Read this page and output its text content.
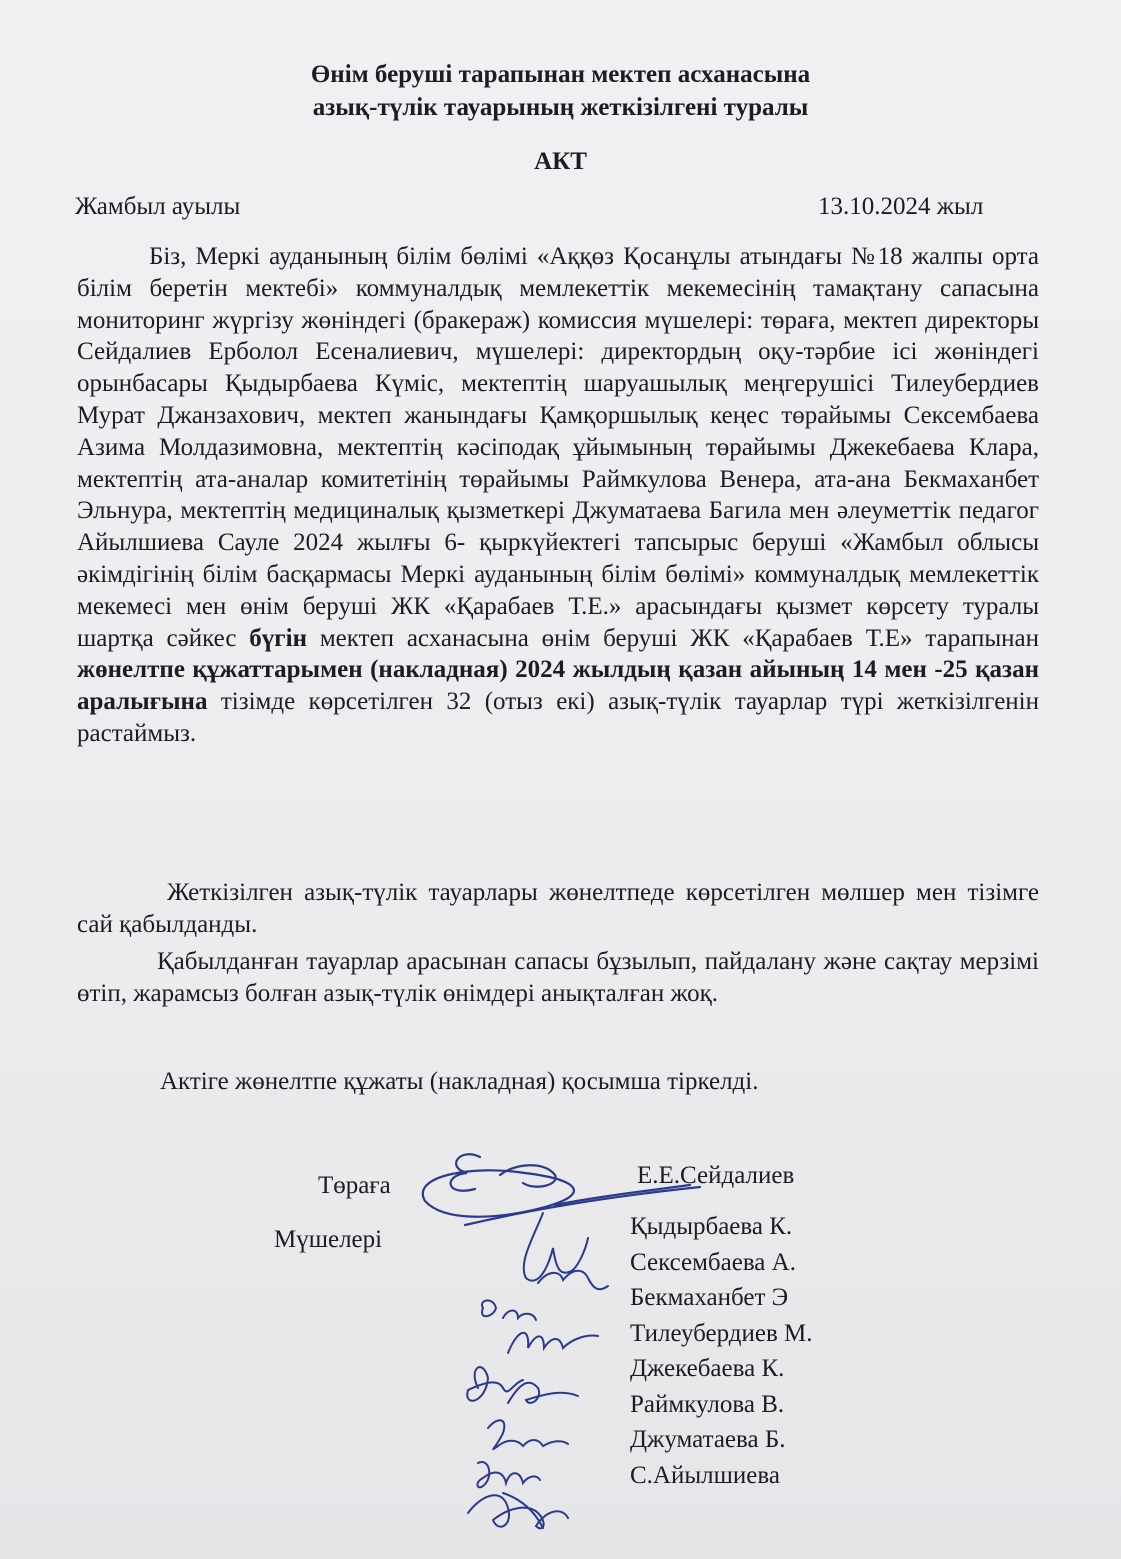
Өнім беруші тарапынан мектеп асханасына
азық-түлік тауарының жеткізілгені туралы
АКТ
Жамбыл ауылы	13.10.2024 жыл
Біз, Меркі ауданының білім бөлімі «Аққөз Қосанұлы атындағы №18 жалпы орта білім беретін мектебі» коммуналдық мемлекеттік мекемесінің тамақтану сапасына мониторинг жүргізу жөніндегі (бракераж) комиссия мүшелері: төраға, мектеп директоры Сейдалиев Ерболол Есеналиевич, мүшелері: директордың оқу-тәрбие ісі жөніндегі орынбасары Қыдырбаева Күміс, мектептің шаруашылық меңгерушісі Тилеубердиев Мурат Джанзахович, мектеп жанындағы Қамқоршылық кеңес төрайымы Сексембаева Азима Молдазимовна, мектептің кәсіподақ ұйымының төрайымы Джекебаева Клара, мектептің ата-аналар комитетінің төрайымы Раймкулова Венера, ата-ана Бекмаханбет Эльнура, мектептің медициналық қызметкері Джуматаева Багила мен әлеуметтік педагог Айылшиева Сауле 2024 жылғы 6- қыркүйектегі тапсырыс беруші «Жамбыл облысы әкімдігінің білім басқармасы Меркі ауданының білім бөлімі» коммуналдық мемлекеттік мекемесі мен өнім беруші ЖК «Қарабаев Т.Е.» арасындағы қызмет көрсету туралы шартқа сәйкес бүгін мектеп асханасына өнім беруші ЖК «Қарабаев Т.Е» тарапынан жөнелтпе құжаттарымен (накладная) 2024 жылдың қазан айының 14 мен -25 қазан аралығына тізімде көрсетілген 32 (отыз екі) азық-түлік тауарлар түрі жеткізілгенін растаймыз.
Жеткізілген азық-түлік тауарлары жөнелтпеде көрсетілген мөлшер мен тізімге сай қабылданды.
Қабылданған тауарлар арасынан сапасы бұзылып, пайдалану және сақтау мерзімі өтіп, жарамсыз болған азық-түлік өнімдері анықталған жоқ.
Актіге жөнелтпе құжаты (накладная) қосымша тіркелді.
Төраға	Е.Е.Сейдалиев
Мүшелері	Қыдырбаева К.
Сексембаева А.
Бекмаханбет Э
Тилеубердиев М.
Джекебаева К.
Раймкулова В.
Джуматаева Б.
С.Айылшиева
